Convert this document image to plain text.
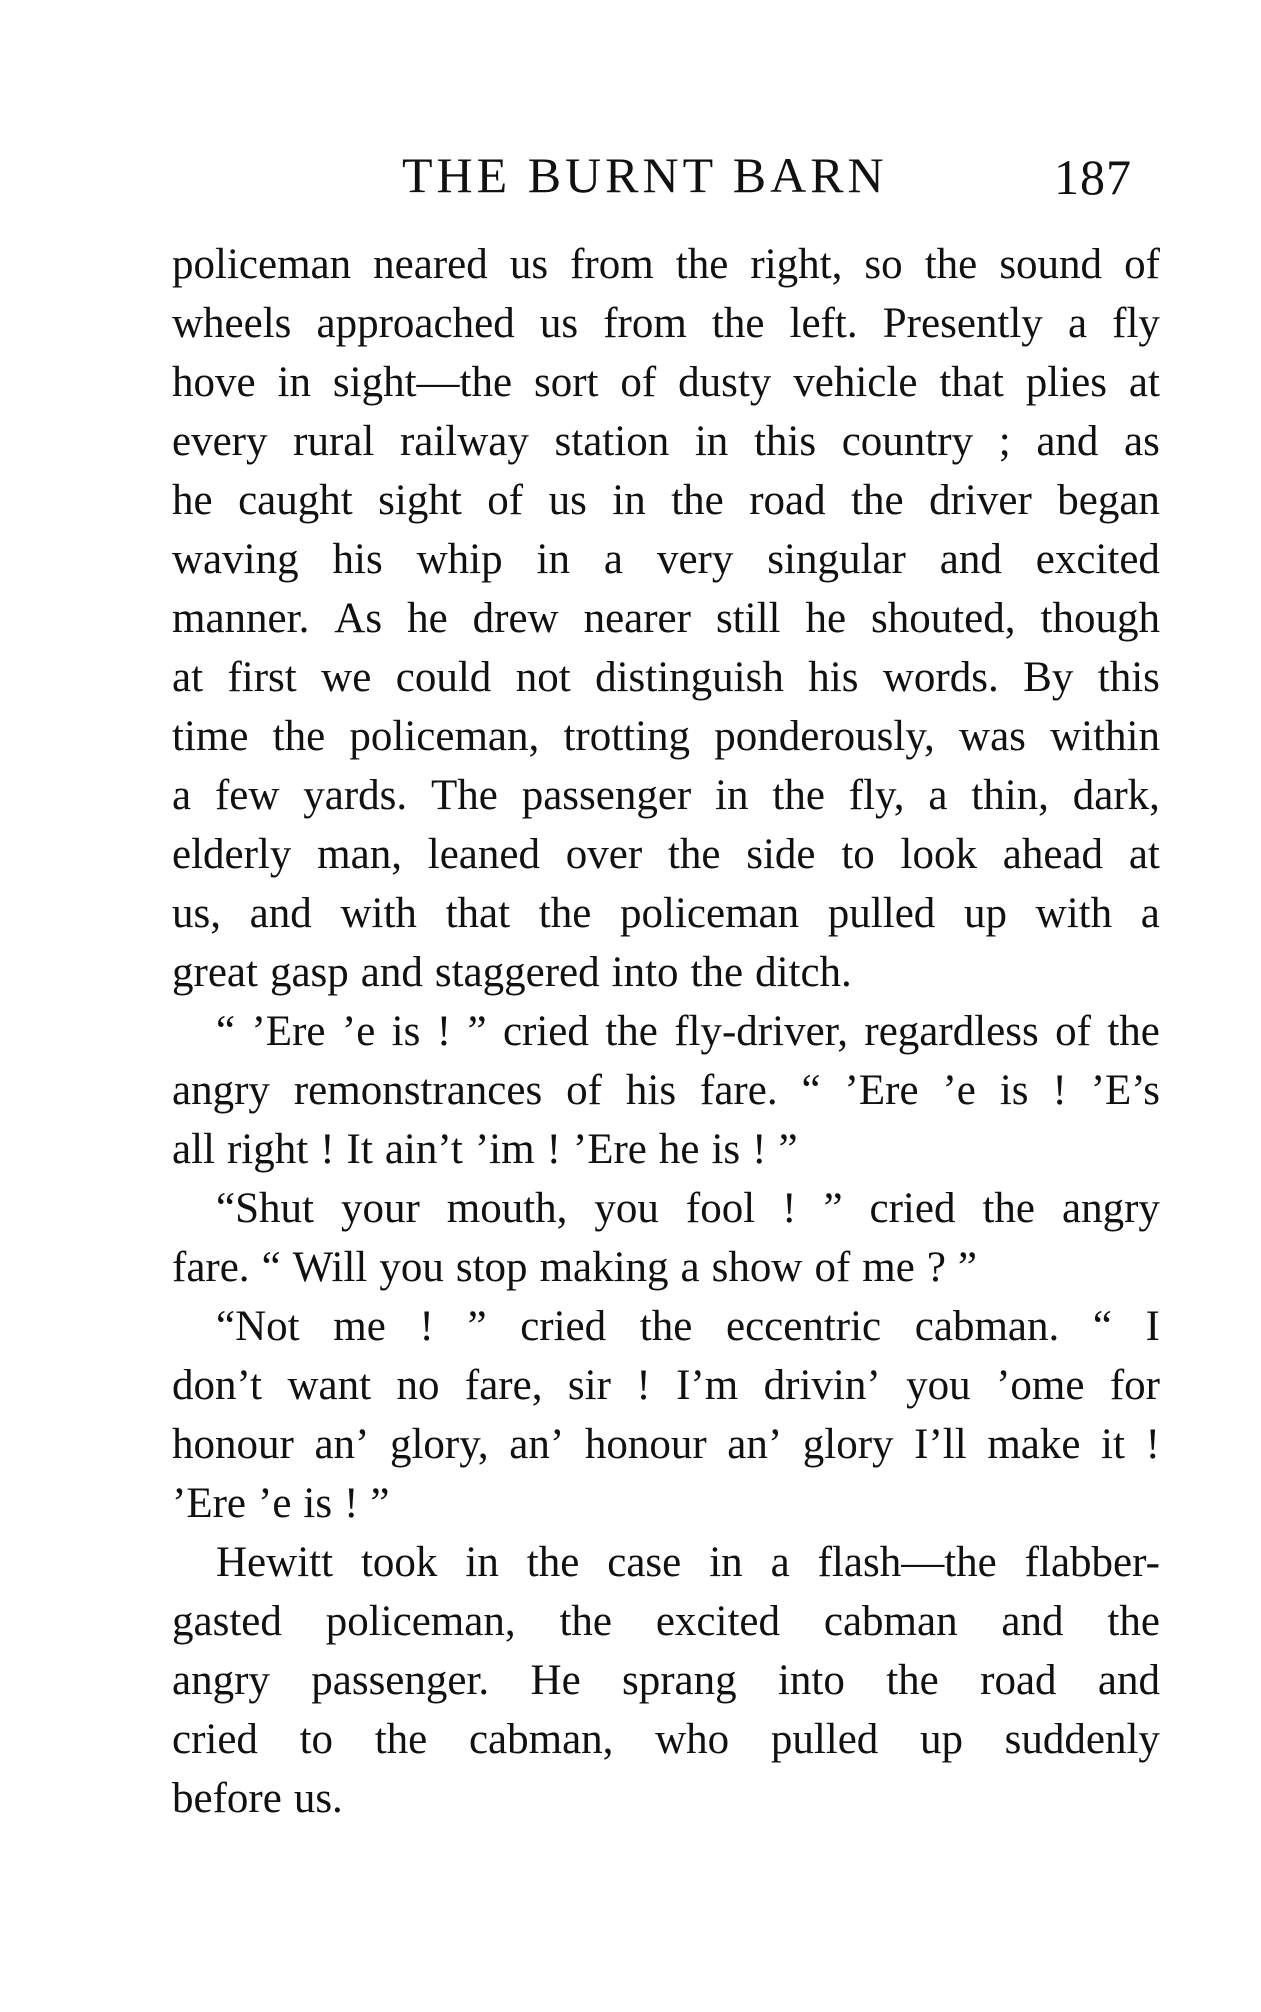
THE BURNT BARN	187
policeman neared us from the right, so the sound of
wheels approached us from the left. Presently a fly
hove in sight—the sort of dusty vehicle that plies at
every rural railway station in this country ; and as
he caught sight of us in the road the driver began
waving his whip in a very singular and excited
manner. As he drew nearer still he shouted, though
at first we could not distinguish his words. By this
time the policeman, trotting ponderously, was within
a few yards. The passenger in the fly, a thin, dark,
elderly man, leaned over the side to look ahead at
us, and with that the policeman pulled up with a
great gasp and staggered into the ditch.
“ ’Ere ’e is ! ” cried the fly-driver, regardless of the
angry remonstrances of his fare. “ ’Ere ’e is ! ’E’s
all right ! It ain’t ’im ! ’Ere he is ! ”
“Shut your mouth, you fool ! ” cried the angry
fare. “ Will you stop making a show of me ? ”
“Not me ! ” cried the eccentric cabman. “ I
don’t want no fare, sir ! I’m drivin’ you ’ome for
honour an’ glory, an’ honour an’ glory I’ll make it !
’Ere ’e is ! ”
Hewitt took in the case in a flash—the flabber-
gasted policeman, the excited cabman and the
angry passenger. He sprang into the road and
cried to the cabman, who pulled up suddenly
before us.
